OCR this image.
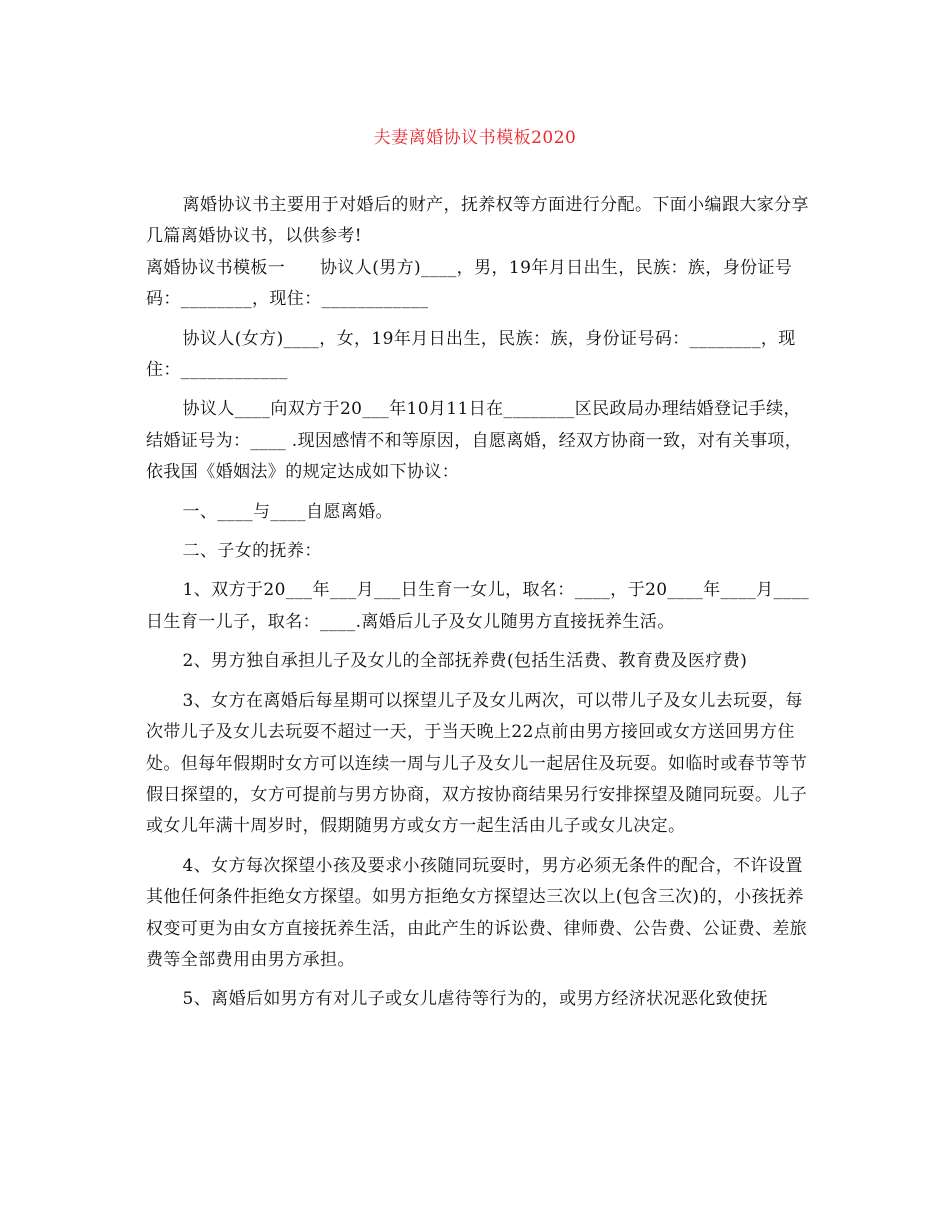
夫妻离婚协议书模板2020

离婚协议书主要用于对婚后的财产，抚养权等方面进行分配。下面小编跟大家分享几篇离婚协议书，以供参考!

离婚协议书模板一　　协议人(男方)____，男，19年月日出生，民族：族，身份证号码：________，现住：____________

协议人(女方)____，女，19年月日出生，民族：族，身份证号码：________，现住：____________

协议人____向双方于20___年10月11日在________区民政局办理结婚登记手续，结婚证号为：____ .现因感情不和等原因，自愿离婚，经双方协商一致，对有关事项，依我国《婚姻法》的规定达成如下协议：

一、____与____自愿离婚。

二、子女的抚养：

1、双方于20___年___月___日生育一女儿，取名：____，于20____年____月____日生育一儿子，取名：____.离婚后儿子及女儿随男方直接抚养生活。

2、男方独自承担儿子及女儿的全部抚养费(包括生活费、教育费及医疗费)

3、女方在离婚后每星期可以探望儿子及女儿两次，可以带儿子及女儿去玩耍，每次带儿子及女儿去玩耍不超过一天，于当天晚上22点前由男方接回或女方送回男方住处。但每年假期时女方可以连续一周与儿子及女儿一起居住及玩耍。如临时或春节等节假日探望的，女方可提前与男方协商，双方按协商结果另行安排探望及随同玩耍。儿子或女儿年满十周岁时，假期随男方或女方一起生活由儿子或女儿决定。

4、女方每次探望小孩及要求小孩随同玩耍时，男方必须无条件的配合，不许设置其他任何条件拒绝女方探望。如男方拒绝女方探望达三次以上(包含三次)的，小孩抚养权变可更为由女方直接抚养生活，由此产生的诉讼费、律师费、公告费、公证费、差旅费等全部费用由男方承担。

5、离婚后如男方有对儿子或女儿虐待等行为的，或男方经济状况恶化致使抚
